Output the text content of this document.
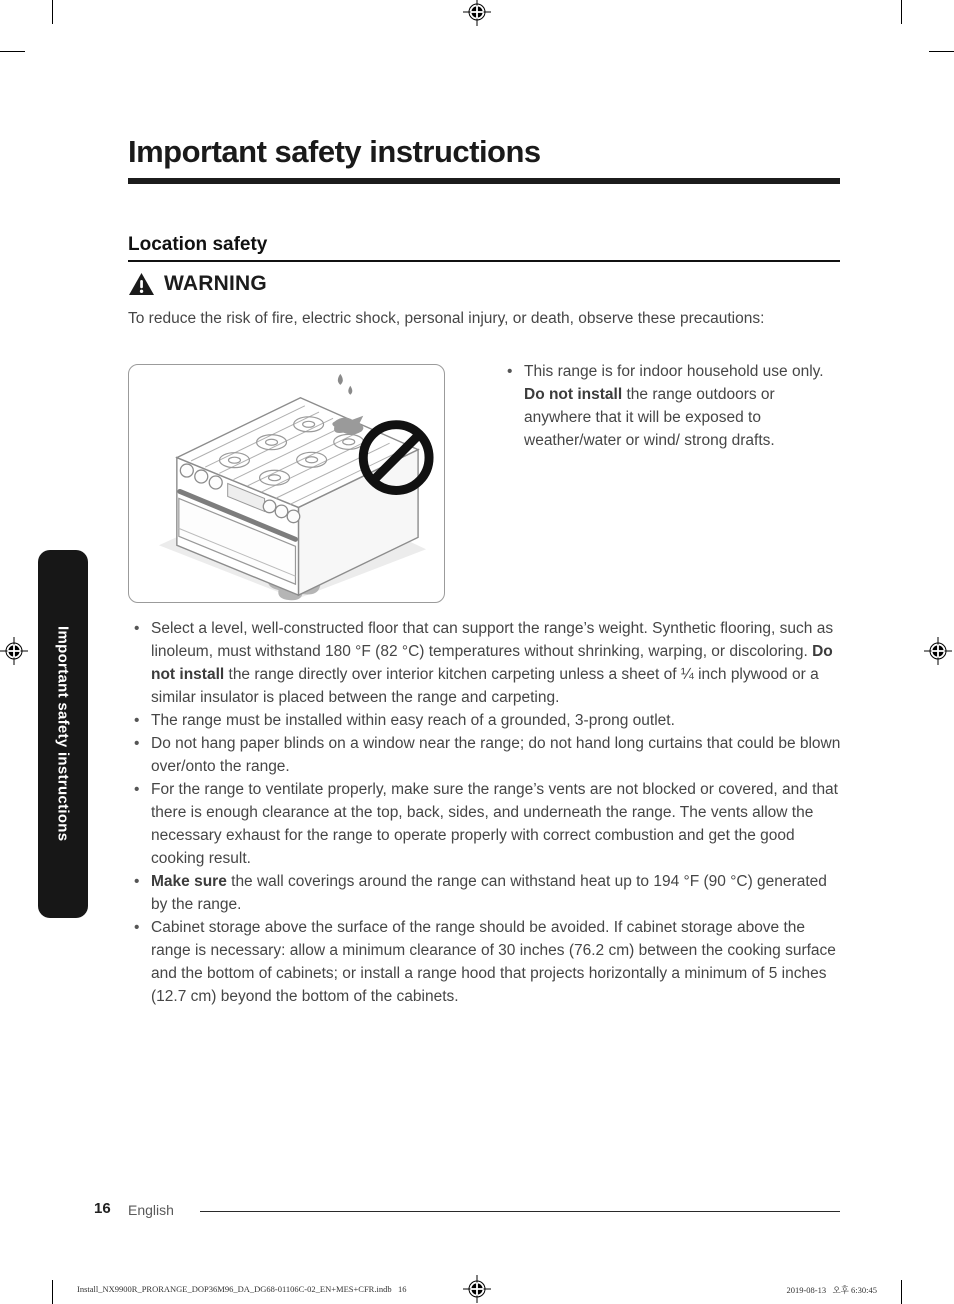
Important safety instructions
Important safety instructions
Location safety
WARNING

To reduce the risk of fire, electric shock, personal injury, or death, observe these precautions:

• This range is for indoor household use only. Do not install the range outdoors or anywhere that it will be exposed to weather/water or wind/ strong drafts.
• Select a level, well-constructed floor that can support the range’s weight. Synthetic flooring, such as linoleum, must withstand 180 °F (82 °C) temperatures without shrinking, warping, or discoloring. Do not install the range directly over interior kitchen carpeting unless a sheet of ¼ inch plywood or a similar insulator is placed between the range and carpeting.
• The range must be installed within easy reach of a grounded, 3-prong outlet.
• Do not hang paper blinds on a window near the range; do not hand long curtains that could be blown over/onto the range.
• For the range to ventilate properly, make sure the range’s vents are not blocked or covered, and that there is enough clearance at the top, back, sides, and underneath the range. The vents allow the necessary exhaust for the range to operate properly with correct combustion and get the good cooking result.
• Make sure the wall coverings around the range can withstand heat up to 194 °F (90 °C) generated by the range.
• Cabinet storage above the surface of the range should be avoided. If cabinet storage above the range is necessary: allow a minimum clearance of 30 inches (76.2 cm) between the cooking surface and the bottom of cabinets; or install a range hood that projects horizontally a minimum of 5 inches (12.7 cm) beyond the bottom of the cabinets.
16 English
Install_NX9900R_PRORANGE_DOP36M96_DA_DG68-01106C-02_EN+MES+CFR.indb   16	2019-08-13   오후 6:30:45
